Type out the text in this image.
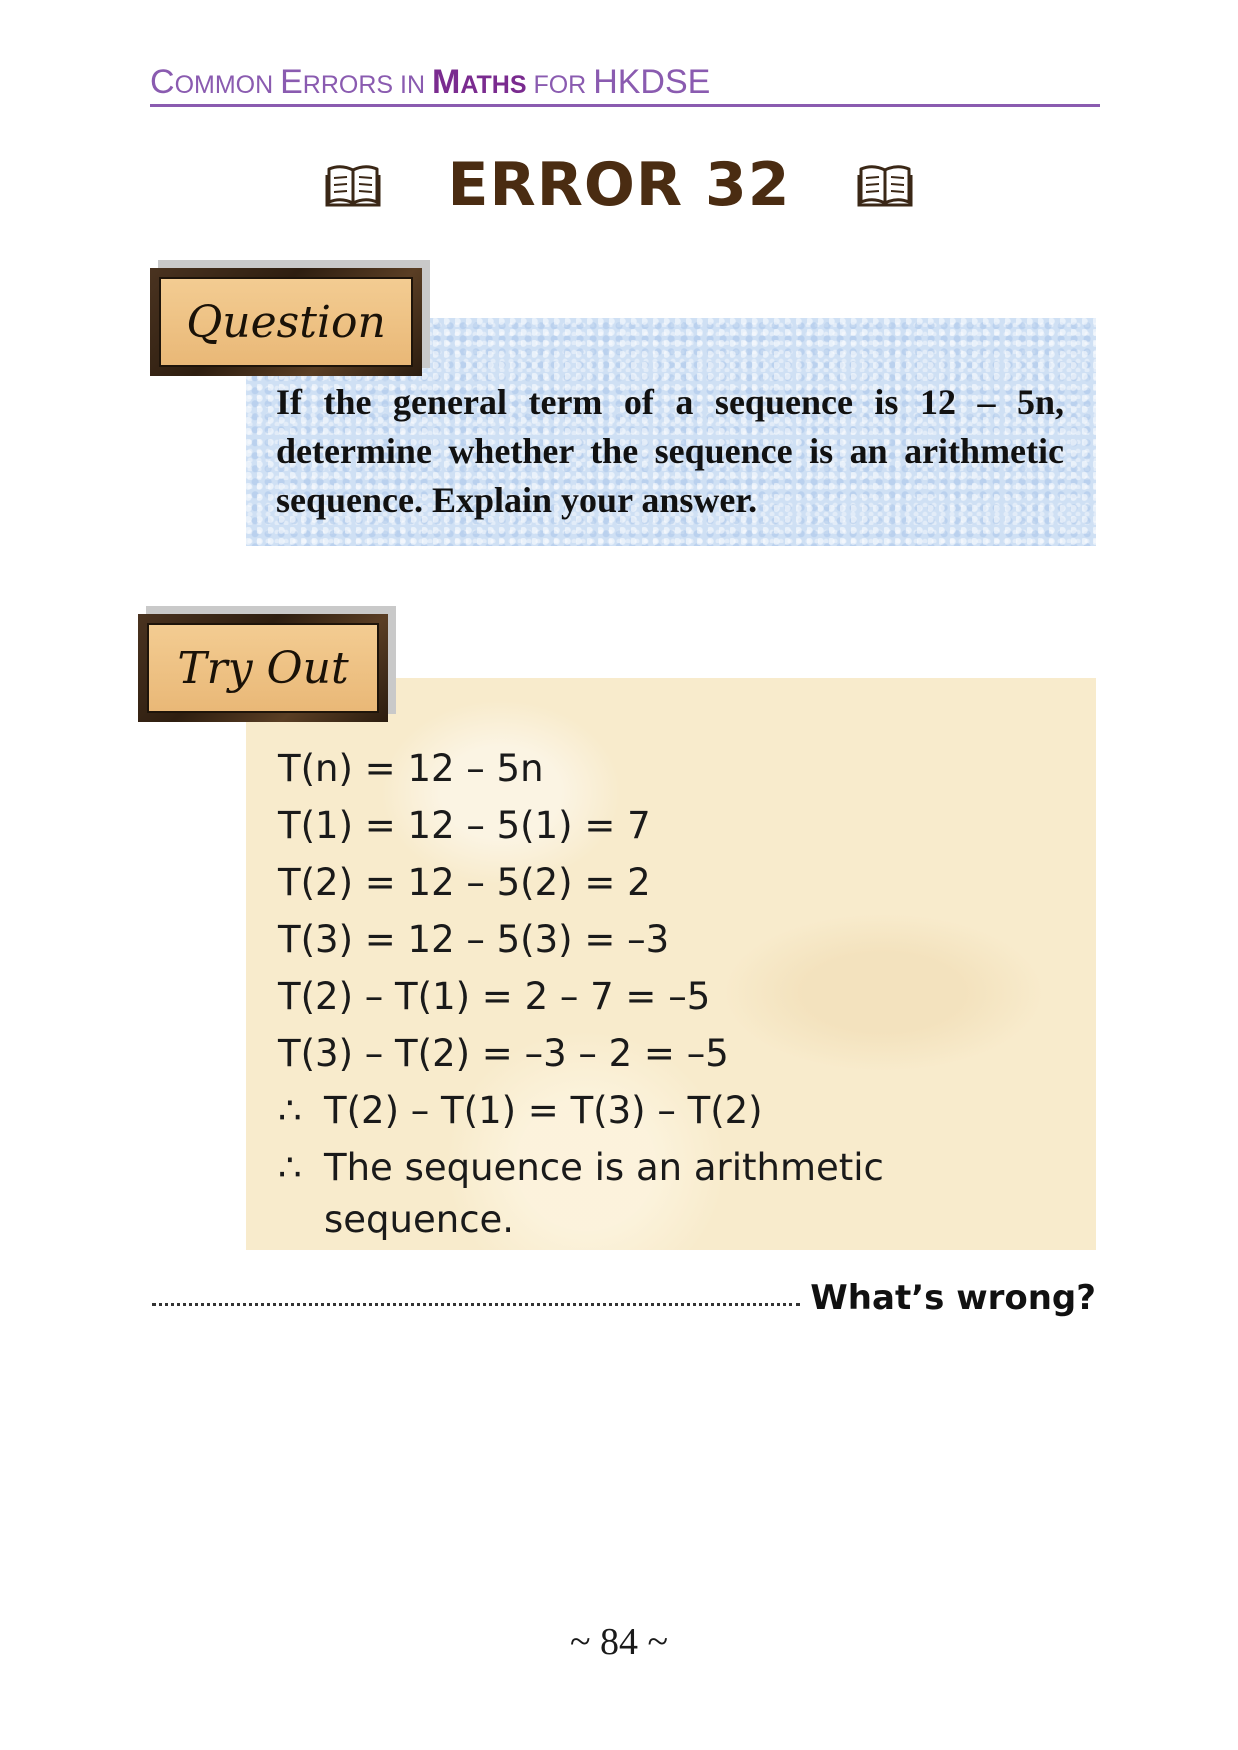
COMMON ERRORS IN MATHS FOR HKDSE
ERROR 32
Question
If the general term of a sequence is 12 – 5n, determine whether the sequence is an arithmetic sequence. Explain your answer.
Try Out
T(n) = 12 – 5n
T(1) = 12 – 5(1) = 7
T(2) = 12 – 5(2) = 2
T(3) = 12 – 5(3) = –3
T(2) – T(1) = 2 – 7 = –5
T(3) – T(2) = –3 – 2 = –5
∴ T(2) – T(1) = T(3) – T(2)
∴ The sequence is an arithmetic
sequence.
What’s wrong?
~ 84 ~
